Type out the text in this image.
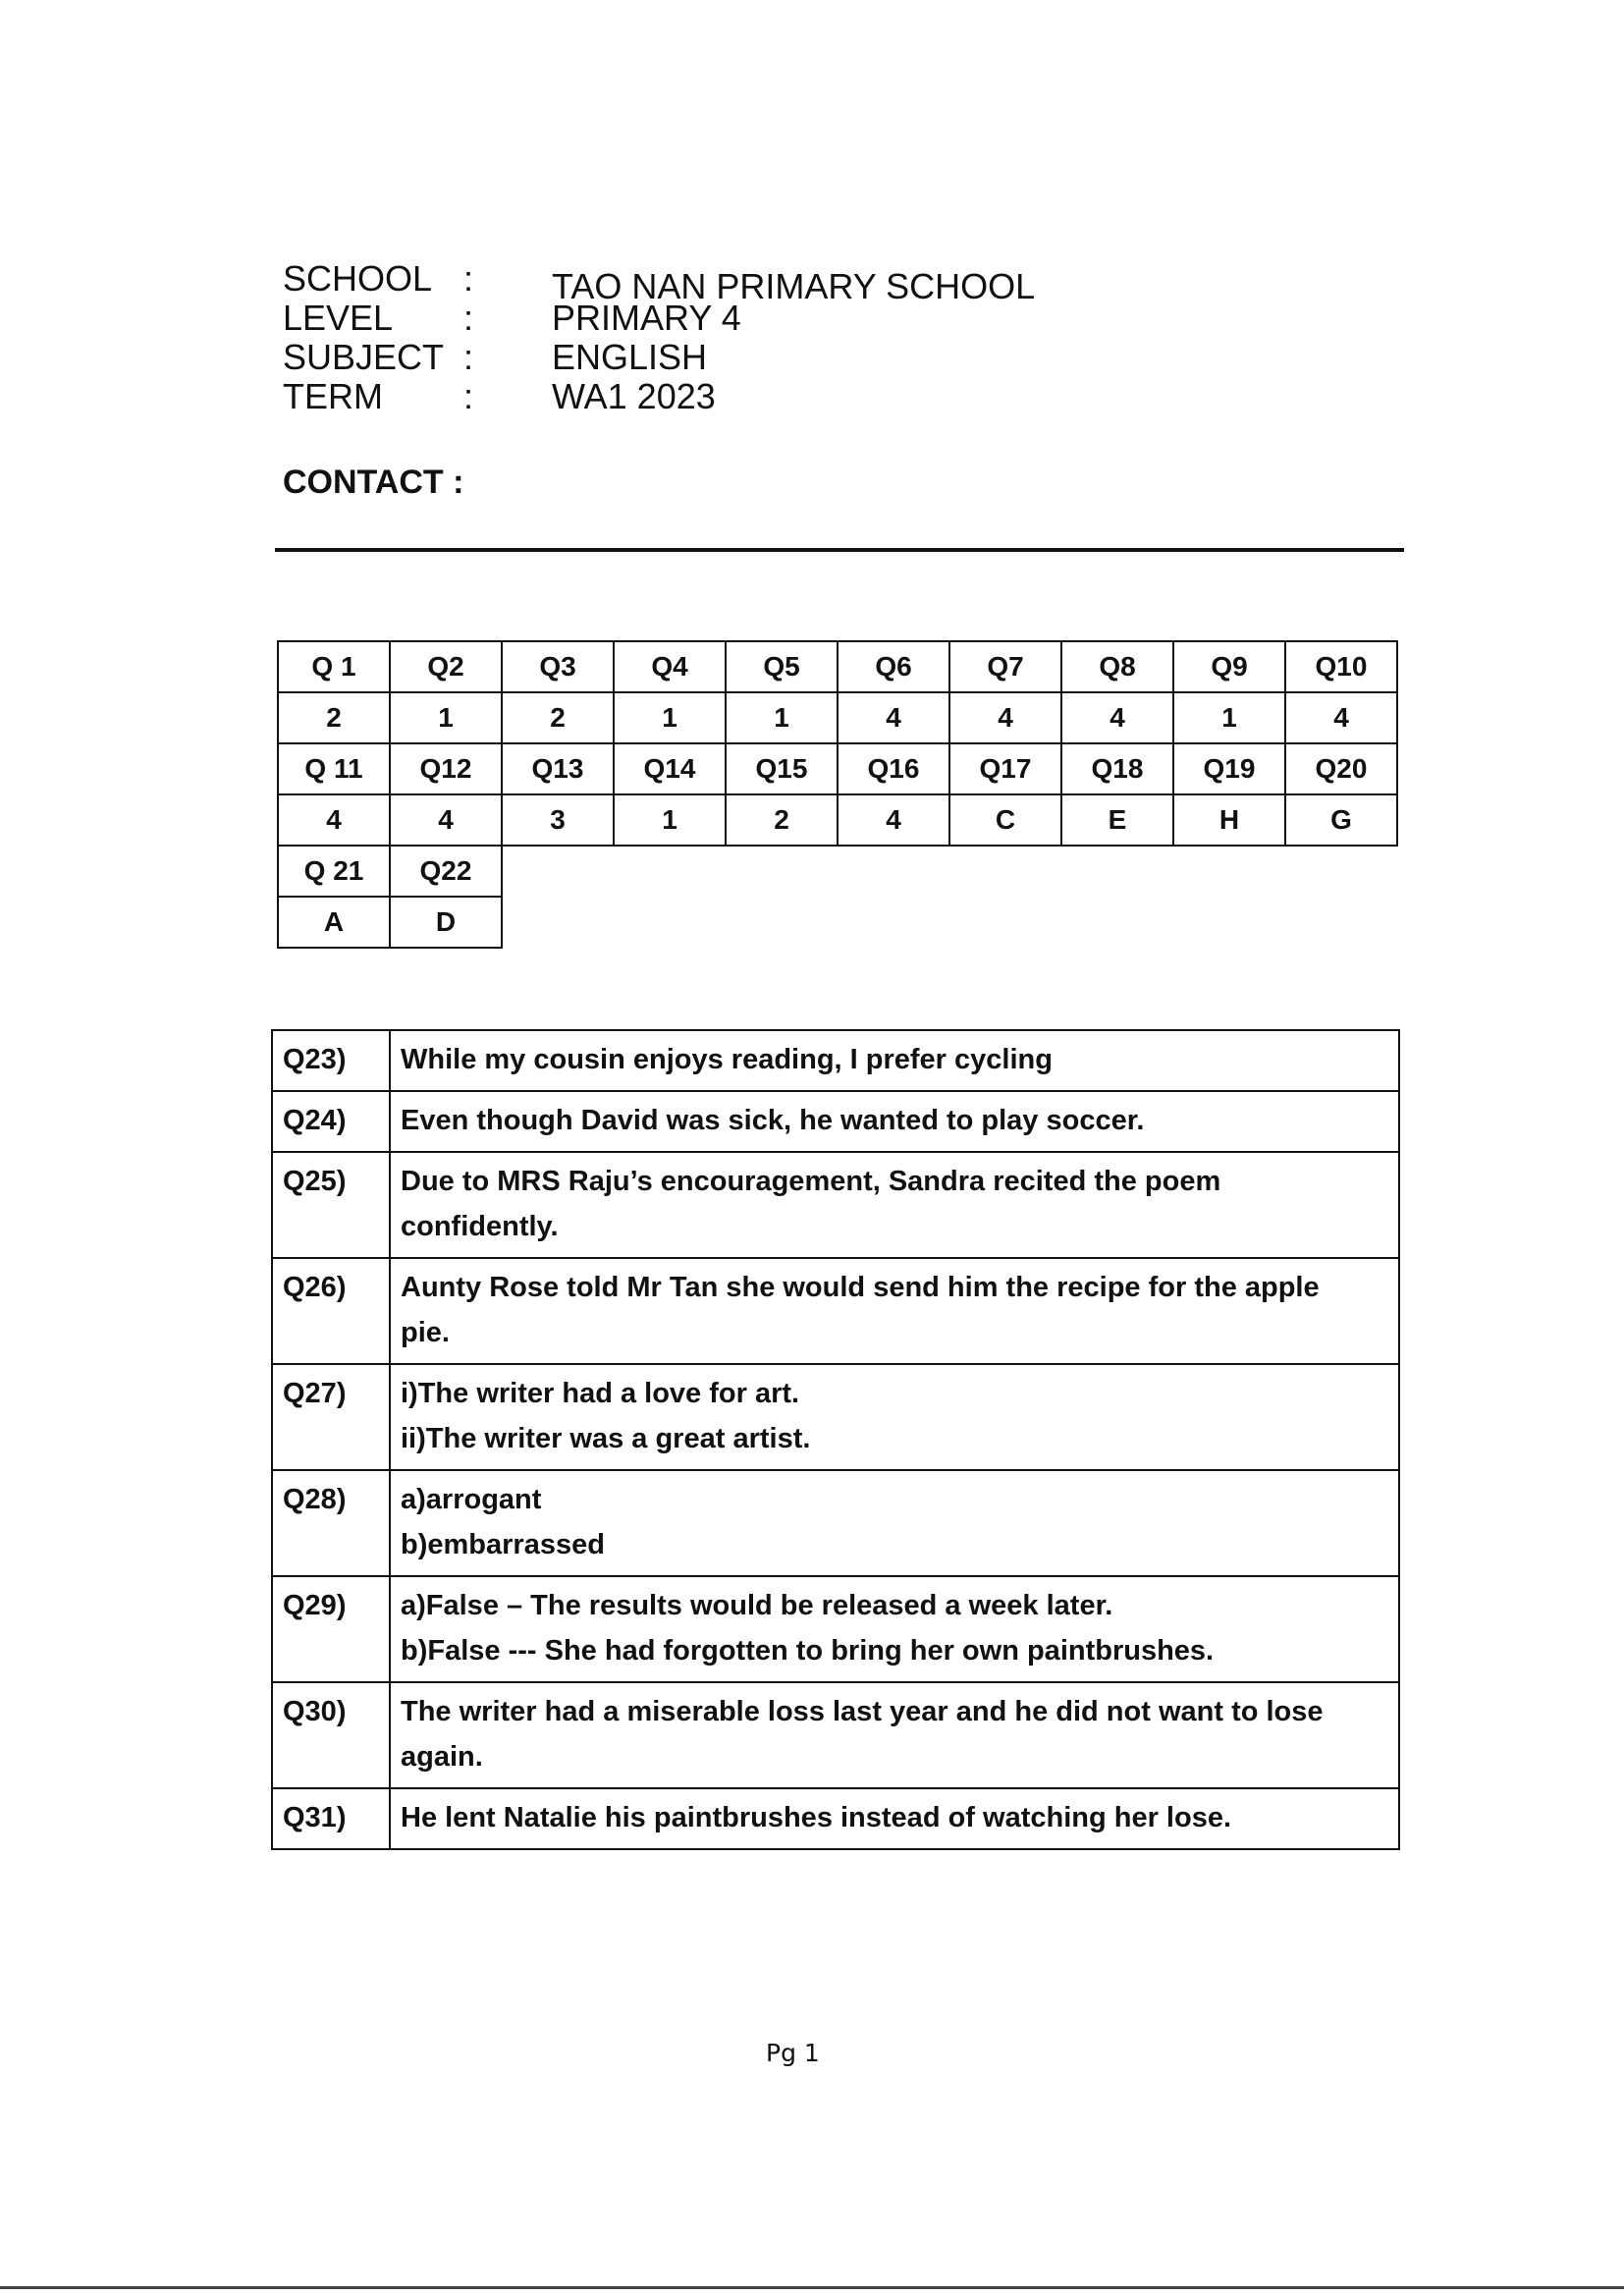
SCHOOL : TAO NAN PRIMARY SCHOOL
LEVEL : PRIMARY 4
SUBJECT : ENGLISH
TERM : WA1 2023
CONTACT :
Q 1	Q2	Q3	Q4	Q5	Q6	Q7	Q8	Q9	Q10
2	1	2	1	1	4	4	4	1	4
Q 11	Q12	Q13	Q14	Q15	Q16	Q17	Q18	Q19	Q20
4	4	3	1	2	4	C	E	H	G
Q 21	Q22								
A	D								
Q23)	While my cousin enjoys reading, I prefer cycling

Q24)	Even though David was sick, he wanted to play soccer.

Q25)	Due to MRS Raju’s encouragement, Sandra recited the poem
confidently.

Q26)	Aunty Rose told Mr Tan she would send him the recipe for the apple
pie.

Q27)	i)The writer had a love for art.
ii)The writer was a great artist.

Q28)	a)arrogant
b)embarrassed

Q29)	a)False – The results would be released a week later.
b)False --- She had forgotten to bring her own paintbrushes.

Q30)	The writer had a miserable loss last year and he did not want to lose
again.

Q31)	He lent Natalie his paintbrushes instead of watching her lose.
Pg 1
